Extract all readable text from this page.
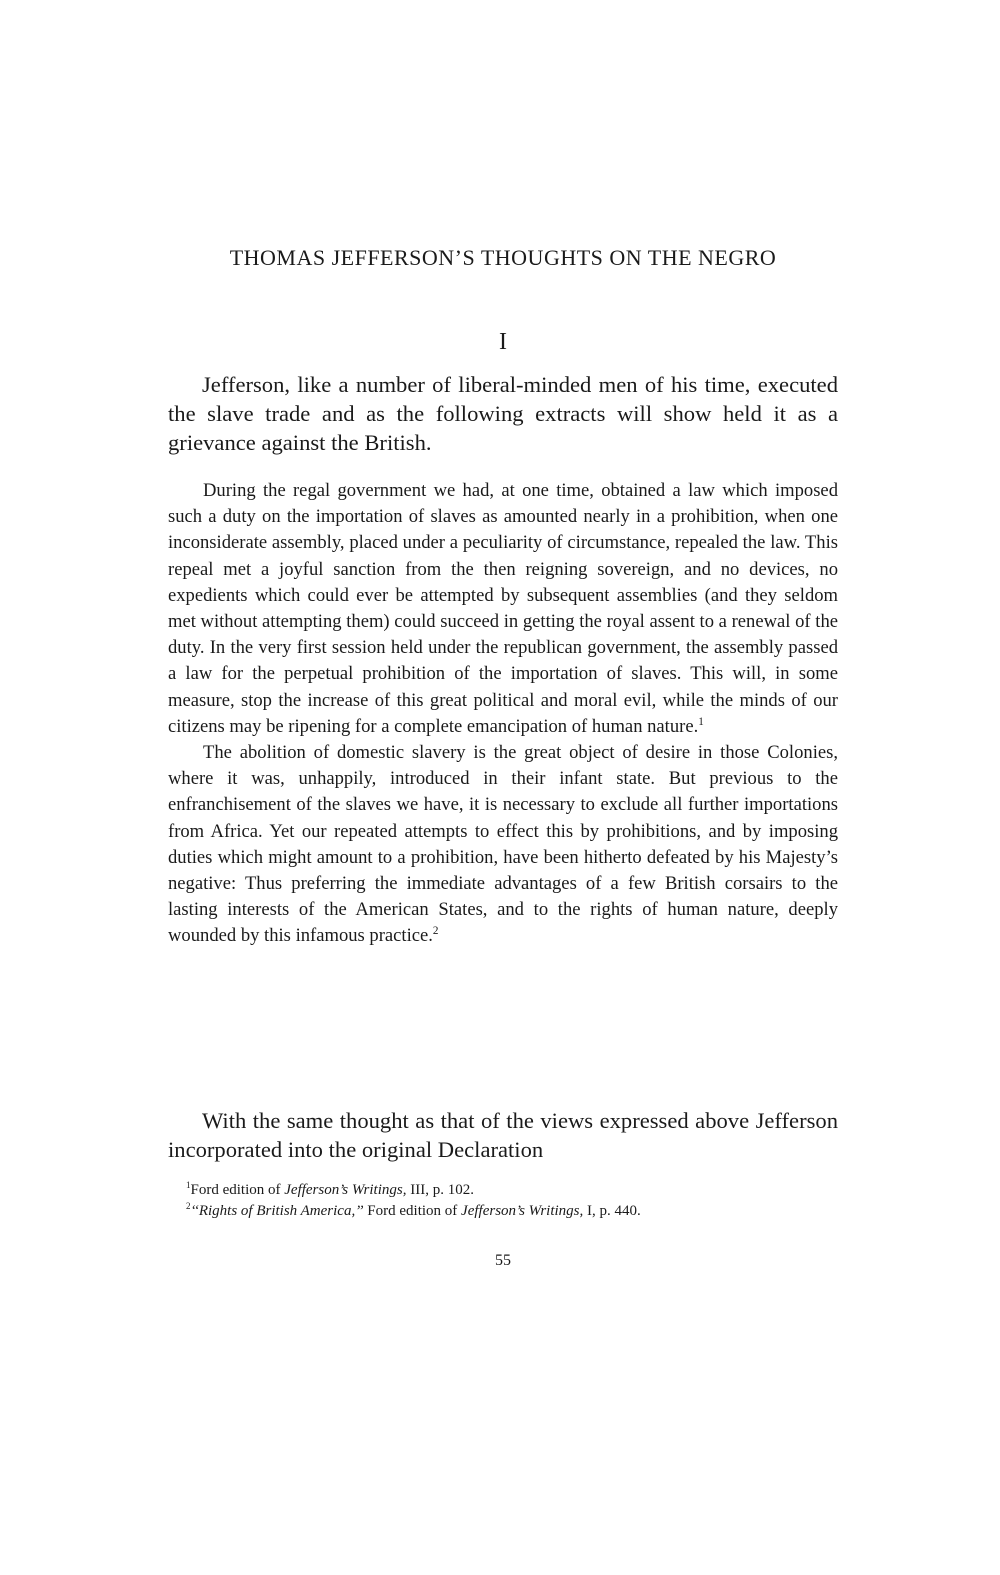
THOMAS JEFFERSON’S THOUGHTS ON THE NEGRO
I

Jefferson, like a number of liberal-minded men of his time, executed the slave trade and as the following extracts will show held it as a grievance against the British.

During the regal government we had, at one time, obtained a law which imposed such a duty on the importation of slaves as amounted nearly in a prohibition, when one inconsiderate assembly, placed under a peculiarity of circumstance, repealed the law. This repeal met a joyful sanction from the then reigning sovereign, and no devices, no expedients which could ever be attempted by subsequent assemblies (and they seldom met without attempting them) could succeed in getting the royal assent to a renewal of the duty. In the very first session held under the republican government, the assembly passed a law for the perpetual prohibition of the importation of slaves. This will, in some measure, stop the increase of this great political and moral evil, while the minds of our citizens may be ripening for a complete emancipation of human nature.$^1$

The abolition of domestic slavery is the great object of desire in those Colonies, where it was, unhappily, introduced in their infant state. But previous to the enfranchisement of the slaves we have, it is necessary to exclude all further importations from Africa. Yet our repeated attempts to effect this by prohibitions, and by imposing duties which might amount to a prohibition, have been hitherto defeated by his Majesty’s negative: Thus preferring the immediate advantages of a few British corsairs to the lasting interests of the American States, and to the rights of human nature, deeply wounded by this infamous practice.$^2$

With the same thought as that of the views expressed above Jefferson incorporated into the original Declaration

$^1$Ford edition of Jefferson’s Writings, III, p. 102.

$^2$‘‘Rights of British America,’’ Ford edition of Jefferson’s Writings, I, p. 440.

55
